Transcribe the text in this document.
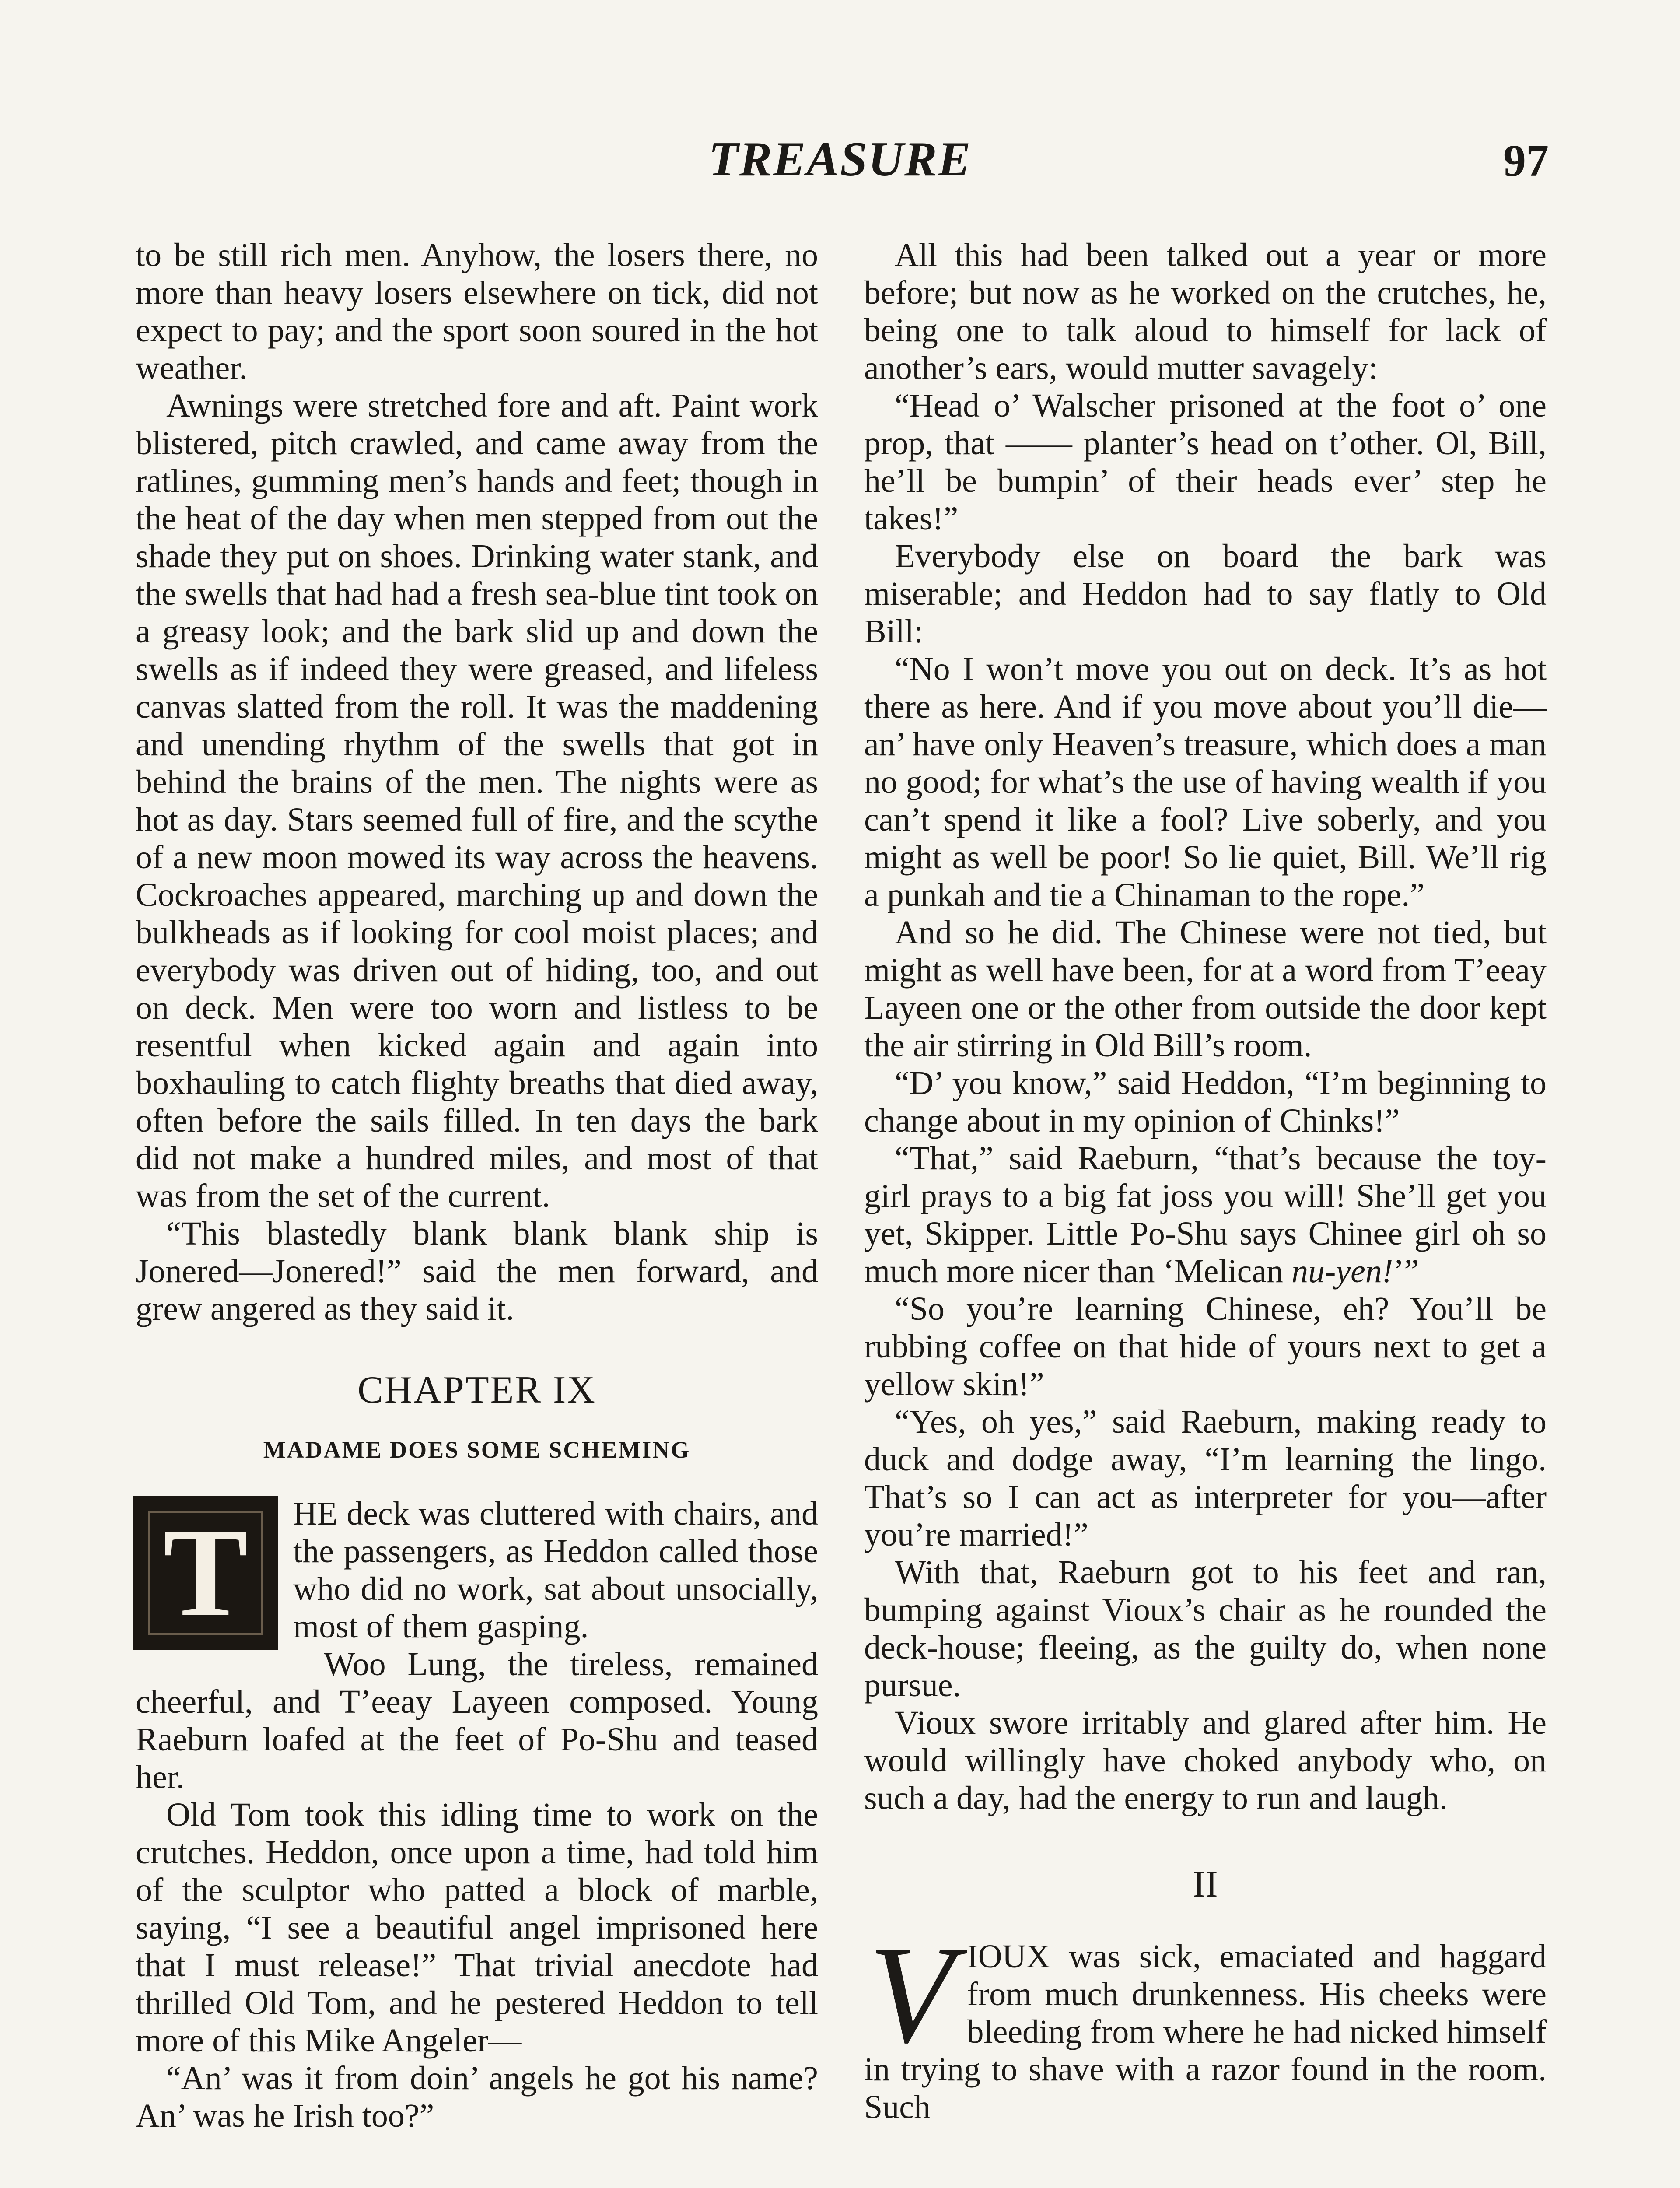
TREASURE	97

to be still rich men. Anyhow, the losers there, no more than heavy losers elsewhere on tick, did not expect to pay; and the sport soon soured in the hot weather.

Awnings were stretched fore and aft. Paint work blistered, pitch crawled, and came away from the ratlines, gumming men’s hands and feet; though in the heat of the day when men stepped from out the shade they put on shoes. Drinking water stank, and the swells that had had a fresh sea-blue tint took on a greasy look; and the bark slid up and down the swells as if indeed they were greased, and lifeless canvas slatted from the roll. It was the maddening and unending rhythm of the swells that got in behind the brains of the men. The nights were as hot as day. Stars seemed full of fire, and the scythe of a new moon mowed its way across the heavens. Cockroaches appeared, marching up and down the bulkheads as if looking for cool moist places; and everybody was driven out of hiding, too, and out on deck. Men were too worn and listless to be resentful when kicked again and again into boxhauling to catch flighty breaths that died away, often before the sails filled. In ten days the bark did not make a hundred miles, and most of that was from the set of the current.

“This blastedly blank blank blank ship is Jonered—Jonered!” said the men forward, and grew angered as they said it.

CHAPTER IX
MADAME DOES SOME SCHEMING

T	HE deck was cluttered with chairs, and the passengers, as Heddon called those who did no work, sat about unsocially, most of them gasping.

Woo Lung, the tireless, remained cheerful, and T’eeay Layeen composed. Young Raeburn loafed at the feet of Po-Shu and teased her.

Old Tom took this idling time to work on the crutches. Heddon, once upon a time, had told him of the sculptor who patted a block of marble, saying, “I see a beautiful angel imprisoned here that I must release!” That trivial anecdote had thrilled Old Tom, and he pestered Heddon to tell more of this Mike Angeler—

“An’ was it from doin’ angels he got his name? An’ was he Irish too?”

All this had been talked out a year or more before; but now as he worked on the crutches, he, being one to talk aloud to himself for lack of another’s ears, would mutter savagely:

“Head o’ Walscher prisoned at the foot o’ one prop, that —— planter’s head on t’other. Ol, Bill, he’ll be bumpin’ of their heads ever’ step he takes!”

Everybody else on board the bark was miserable; and Heddon had to say flatly to Old Bill:

“No I won’t move you out on deck. It’s as hot there as here. And if you move about you’ll die—an’ have only Heaven’s treasure, which does a man no good; for what’s the use of having wealth if you can’t spend it like a fool? Live soberly, and you might as well be poor! So lie quiet, Bill. We’ll rig a punkah and tie a Chinaman to the rope.”

And so he did. The Chinese were not tied, but might as well have been, for at a word from T’eeay Layeen one or the other from outside the door kept the air stirring in Old Bill’s room.

“D’ you know,” said Heddon, “I’m beginning to change about in my opinion of Chinks!”

“That,” said Raeburn, “that’s because the toy-girl prays to a big fat joss you will! She’ll get you yet, Skipper. Little Po-Shu says Chinee girl oh so much more nicer than ‘Melican nu-yen!’”

“So you’re learning Chinese, eh? You’ll be rubbing coffee on that hide of yours next to get a yellow skin!”

“Yes, oh yes,” said Raeburn, making ready to duck and dodge away, “I’m learning the lingo. That’s so I can act as interpreter for you—after you’re married!”

With that, Raeburn got to his feet and ran, bumping against Vioux’s chair as he rounded the deck-house; fleeing, as the guilty do, when none pursue.

Vioux swore irritably and glared after him. He would willingly have choked anybody who, on such a day, had the energy to run and laugh.

II

VIOUX was sick, emaciated and haggard from much drunkenness. His cheeks were bleeding from where he had nicked himself in trying to shave with a razor found in the room. Such
